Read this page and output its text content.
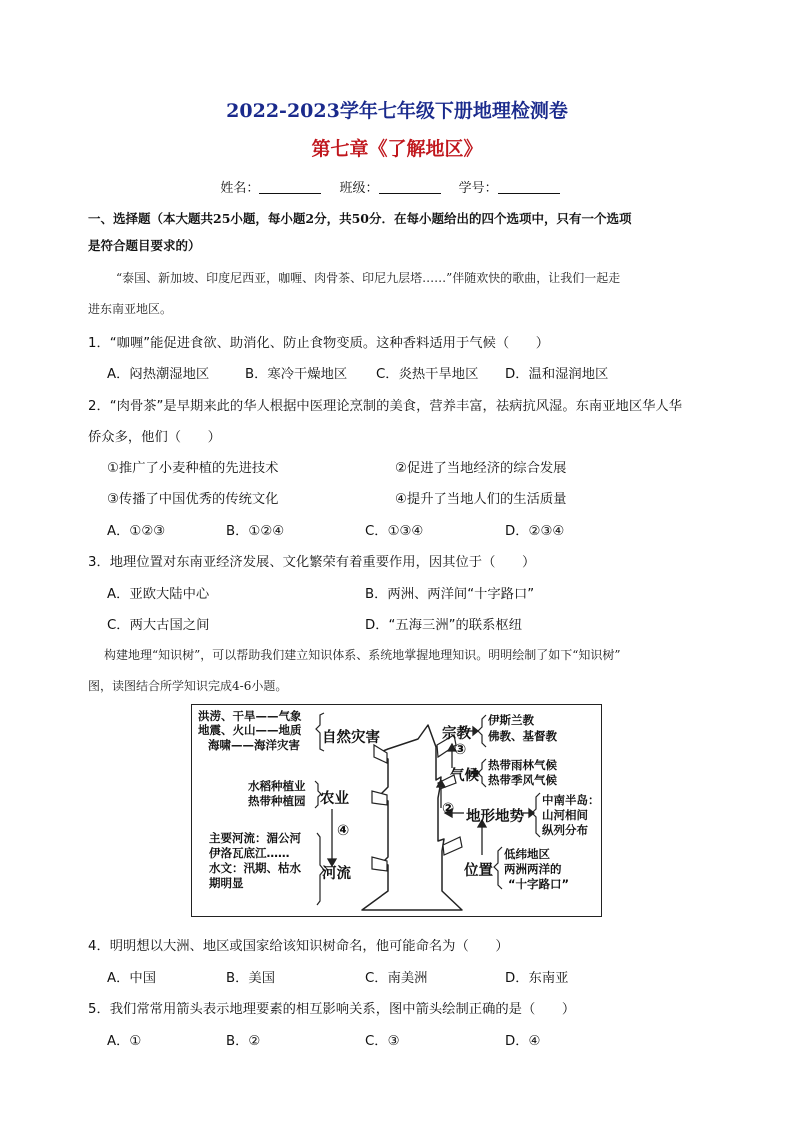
2022-2023学年七年级下册地理检测卷
第七章《了解地区》
姓名：	班级：	学号：
一、选择题（本大题共25小题，每小题2分，共50分．在每小题给出的四个选项中，只有一个选项
是符合题目要求的）
“泰国、新加坡、印度尼西亚，咖喱、肉骨茶、印尼九层塔……”伴随欢快的歌曲，让我们一起走
进东南亚地区。
1．“咖喱”能促进食欲、助消化、防止食物变质。这种香料适用于气候（　　）
A．闷热潮湿地区	B．寒冷干燥地区 C．炎热干旱地区 D．温和湿润地区
2．“肉骨茶”是早期来此的华人根据中医理论烹制的美食，营养丰富，祛病抗风湿。东南亚地区华人华
侨众多，他们（　　）
①推广了小麦种植的先进技术	②促进了当地经济的综合发展
③传播了中国优秀的传统文化	④提升了当地人们的生活质量
A．①②③	B．①②④	C．①③④	D．②③④
3．地理位置对东南亚经济发展、文化繁荣有着重要作用，因其位于（　　）
A．亚欧大陆中心	B．两洲、两洋间“十字路口”
C．两大古国之间	D．“五海三洲”的联系枢纽
构建地理“知识树”，可以帮助我们建立知识体系、系统地掌握地理知识。明明绘制了如下“知识树”
图，读图结合所学知识完成4-6小题。
洪涝、干旱——气象
地震、火山——地质
海啸——海洋灾害 自然灾害
水稻种植业
热带种植园 农业
主要河流：湄公河
伊洛瓦底江……
水文：汛期、枯水
期明显
河流
④
宗教
伊斯兰教
佛教、基督教
③
气候
热带雨林气候
热带季风气候
② 地形地势
中南半岛：
山河相间
纵列分布
位置
低纬地区
两洲两洋的
“十字路口”
4．明明想以大洲、地区或国家给该知识树命名，他可能命名为（　　）
A．中国	B．美国	C．南美洲	D．东南亚
5．我们常常用箭头表示地理要素的相互影响关系，图中箭头绘制正确的是（　　）
A．①	B．②	C．③	D．④
